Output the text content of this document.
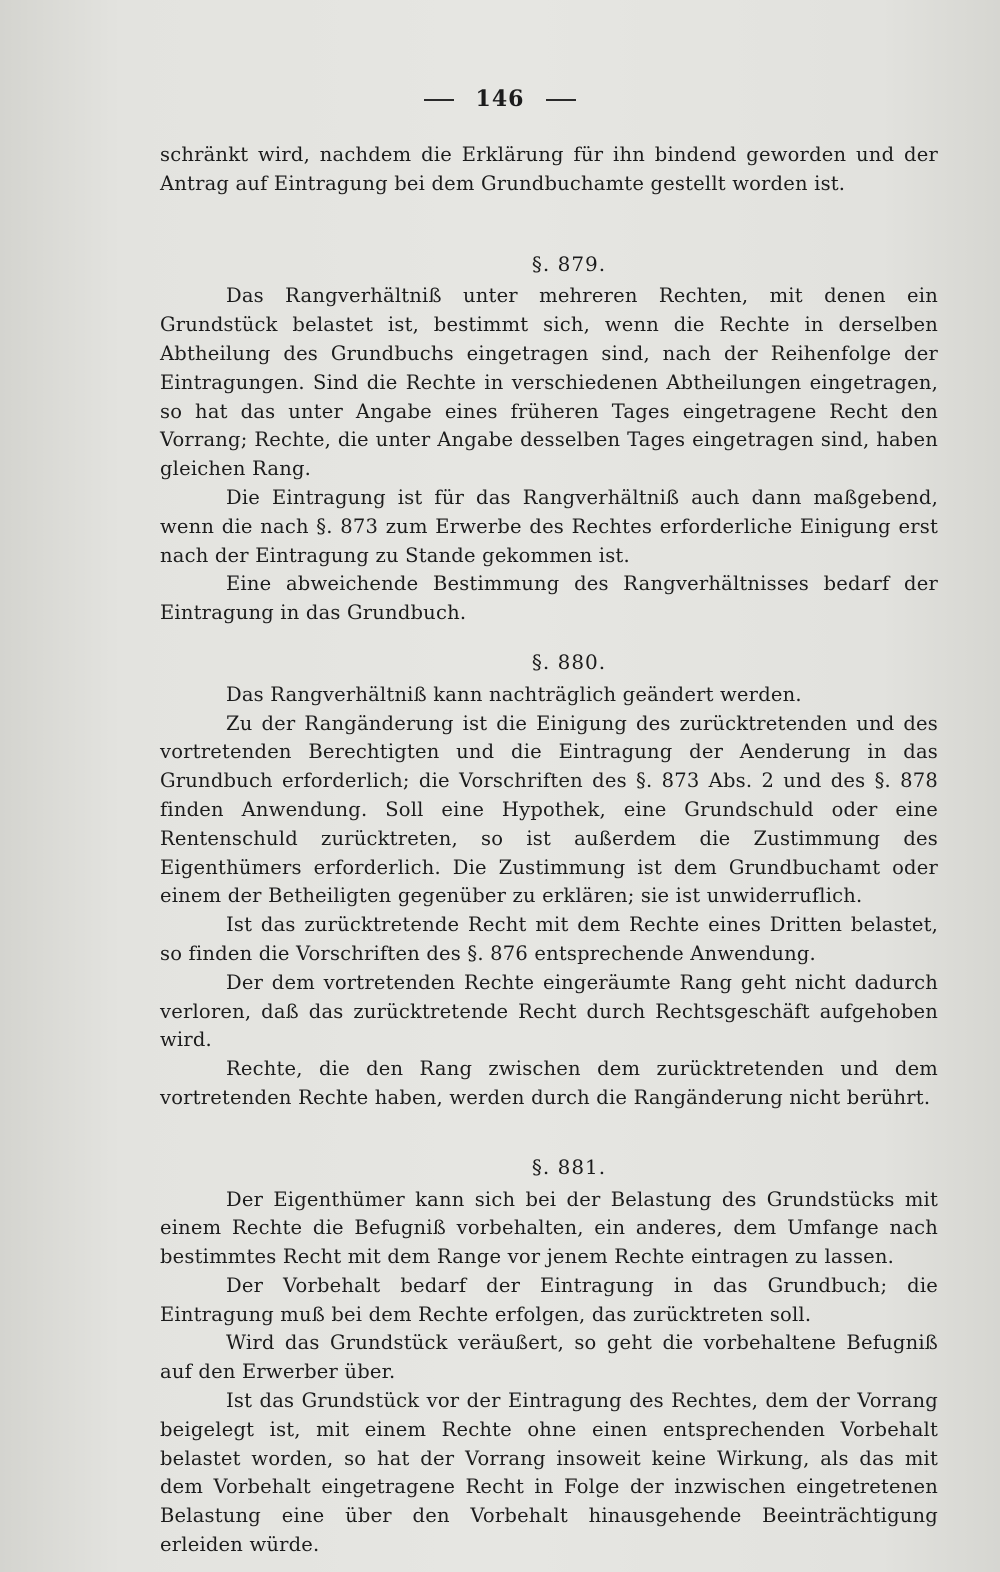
146

schränkt wird, nachdem die Erklärung für ihn bindend geworden und der Antrag auf Eintragung bei dem Grundbuchamte gestellt worden ist.

§. 879.

Das Rangverhältniß unter mehreren Rechten, mit denen ein Grundstück belastet ist, bestimmt sich, wenn die Rechte in derselben Abtheilung des Grundbuchs eingetragen sind, nach der Reihenfolge der Eintragungen. Sind die Rechte in verschiedenen Abtheilungen eingetragen, so hat das unter Angabe eines früheren Tages eingetragene Recht den Vorrang; Rechte, die unter Angabe desselben Tages eingetragen sind, haben gleichen Rang.

Die Eintragung ist für das Rangverhältniß auch dann maßgebend, wenn die nach §. 873 zum Erwerbe des Rechtes erforderliche Einigung erst nach der Eintragung zu Stande gekommen ist.

Eine abweichende Bestimmung des Rangverhältnisses bedarf der Eintragung in das Grundbuch.

§. 880.

Das Rangverhältniß kann nachträglich geändert werden.

Zu der Rangänderung ist die Einigung des zurücktretenden und des vortretenden Berechtigten und die Eintragung der Aenderung in das Grundbuch erforderlich; die Vorschriften des §. 873 Abs. 2 und des §. 878 finden Anwendung. Soll eine Hypothek, eine Grundschuld oder eine Rentenschuld zurücktreten, so ist außerdem die Zustimmung des Eigenthümers erforderlich. Die Zustimmung ist dem Grundbuchamt oder einem der Betheiligten gegenüber zu erklären; sie ist unwiderruflich.

Ist das zurücktretende Recht mit dem Rechte eines Dritten belastet, so finden die Vorschriften des §. 876 entsprechende Anwendung.

Der dem vortretenden Rechte eingeräumte Rang geht nicht dadurch verloren, daß das zurücktretende Recht durch Rechtsgeschäft aufgehoben wird.

Rechte, die den Rang zwischen dem zurücktretenden und dem vortretenden Rechte haben, werden durch die Rangänderung nicht berührt.

§. 881.

Der Eigenthümer kann sich bei der Belastung des Grundstücks mit einem Rechte die Befugniß vorbehalten, ein anderes, dem Umfange nach bestimmtes Recht mit dem Range vor jenem Rechte eintragen zu lassen.

Der Vorbehalt bedarf der Eintragung in das Grundbuch; die Eintragung muß bei dem Rechte erfolgen, das zurücktreten soll.

Wird das Grundstück veräußert, so geht die vorbehaltene Befugniß auf den Erwerber über.

Ist das Grundstück vor der Eintragung des Rechtes, dem der Vorrang beigelegt ist, mit einem Rechte ohne einen entsprechenden Vorbehalt belastet worden, so hat der Vorrang insoweit keine Wirkung, als das mit dem Vorbehalt eingetragene Recht in Folge der inzwischen eingetretenen Belastung eine über den Vorbehalt hinausgehende Beeinträchtigung erleiden würde.
